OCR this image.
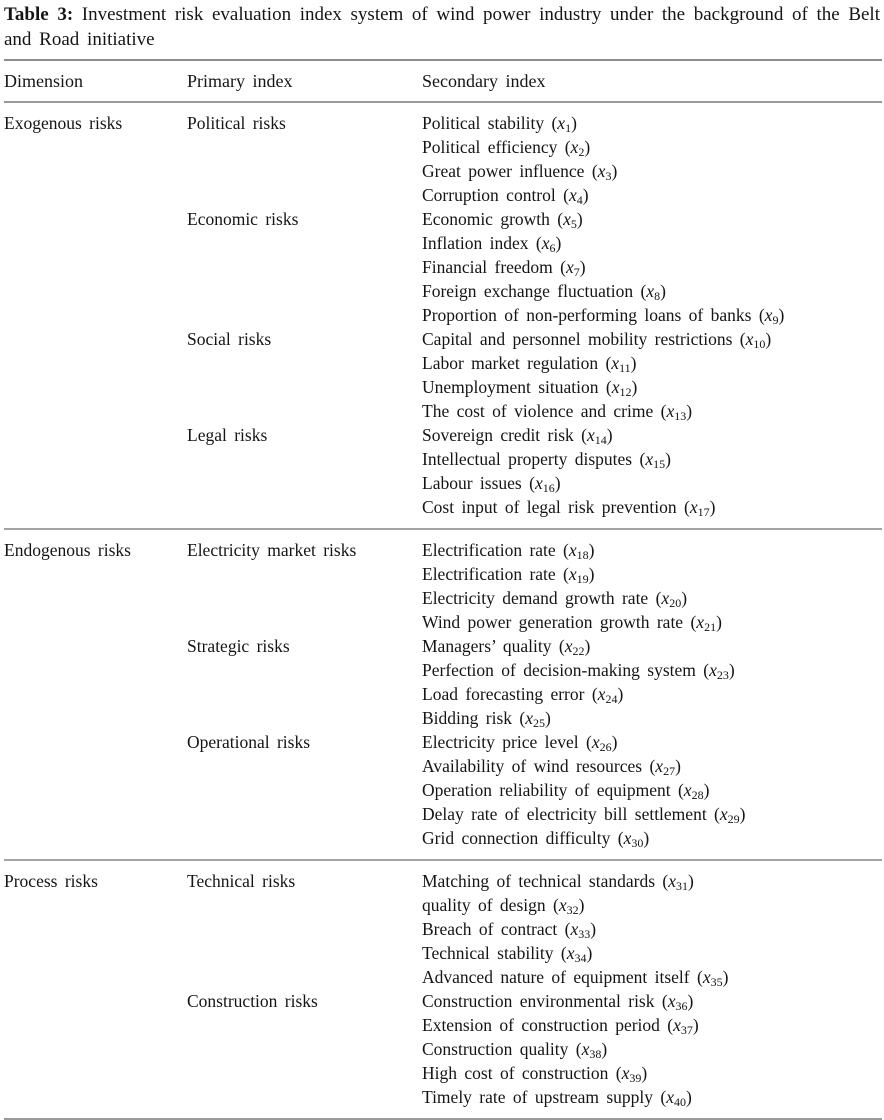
Table 3: Investment risk evaluation index system of wind power industry under the background of the Belt and Road initiative
Dimension	Primary index	Secondary index
Exogenous risks	Political risks	Political stability $(x_1)$
Political efficiency $(x_2)$
Great power influence $(x_3)$
Corruption control $(x_4)$
Economic risks	Economic growth $(x_5)$
Inflation index $(x_6)$
Financial freedom $(x_7)$
Foreign exchange fluctuation $(x_8)$
Proportion of non-performing loans of banks $(x_9)$
Social risks	Capital and personnel mobility restrictions $(x_{10})$
Labor market regulation $(x_{11})$
Unemployment situation $(x_{12})$
The cost of violence and crime $(x_{13})$
Legal risks	Sovereign credit risk $(x_{14})$
Intellectual property disputes $(x_{15})$
Labour issues $(x_{16})$
Cost input of legal risk prevention $(x_{17})$
Endogenous risks	Electricity market risks	Electrification rate $(x_{18})$
Electrification rate $(x_{19})$
Electricity demand growth rate $(x_{20})$
Wind power generation growth rate $(x_{21})$
Strategic risks	Managers’ quality $(x_{22})$
Perfection of decision-making system $(x_{23})$
Load forecasting error $(x_{24})$
Bidding risk $(x_{25})$
Operational risks	Electricity price level $(x_{26})$
Availability of wind resources $(x_{27})$
Operation reliability of equipment $(x_{28})$
Delay rate of electricity bill settlement $(x_{29})$
Grid connection difficulty $(x_{30})$
Process risks	Technical risks	Matching of technical standards $(x_{31})$
quality of design $(x_{32})$
Breach of contract $(x_{33})$
Technical stability $(x_{34})$
Advanced nature of equipment itself $(x_{35})$
Construction risks	Construction environmental risk $(x_{36})$
Extension of construction period $(x_{37})$
Construction quality $(x_{38})$
High cost of construction $(x_{39})$
Timely rate of upstream supply $(x_{40})$
